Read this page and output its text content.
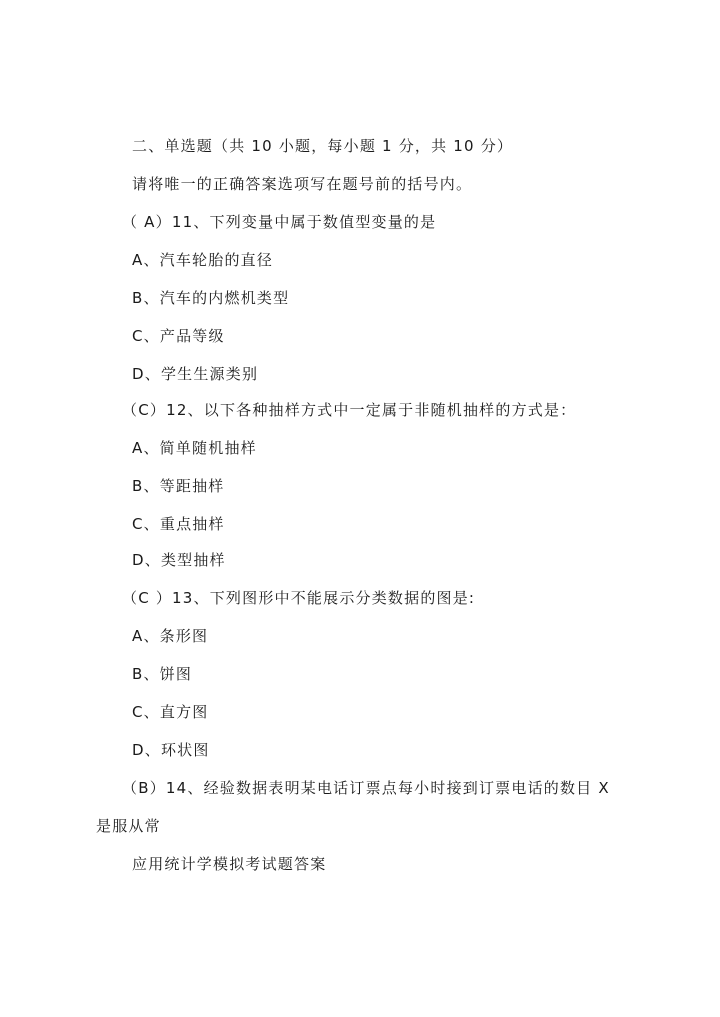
二、单选题（共 10 小题，每小题 1 分，共 10 分）
请将唯一的正确答案选项写在题号前的括号内。
（ A）11、下列变量中属于数值型变量的是
A、汽车轮胎的直径
B、汽车的内燃机类型
C、产品等级
D、学生生源类别
（C）12、以下各种抽样方式中一定属于非随机抽样的方式是：
A、简单随机抽样
B、等距抽样
C、重点抽样
D、类型抽样
（C ）13、下列图形中不能展示分类数据的图是:
A、条形图
B、饼图
C、直方图
D、环状图
（B）14、经验数据表明某电话订票点每小时接到订票电话的数目 X
是服从常
应用统计学模拟考试题答案
